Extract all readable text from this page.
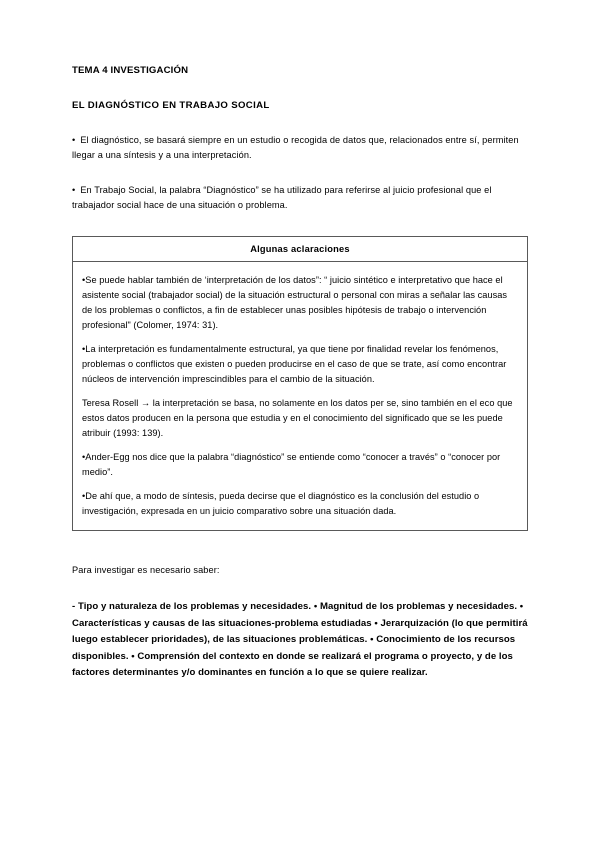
TEMA 4 INVESTIGACIÓN
EL DIAGNÓSTICO EN TRABAJO SOCIAL

• El diagnóstico, se basará siempre en un estudio o recogida de datos que, relacionados entre sí, permiten llegar a una síntesis y a una interpretación.

• En Trabajo Social, la palabra “Diagnóstico” se ha utilizado para referirse al juicio profesional que el trabajador social hace de una situación o problema.

Algunas aclaraciones

•Se puede hablar también de ‘interpretación de los datos”: “ juicio sintético e interpretativo que hace el asistente social (trabajador social) de la situación estructural o personal con miras a señalar las causas de los problemas o conflictos, a fin de establecer unas posibles hipótesis de trabajo o intervención profesional" (Colomer, 1974: 31).

•La interpretación es fundamentalmente estructural, ya que tiene por finalidad revelar los fenómenos, problemas o conflictos que existen o pueden producirse en el caso de que se trate, así como encontrar núcleos de intervención imprescindibles para el cambio de la situación.

Teresa Rosell → la interpretación se basa, no solamente en los datos per se, sino también en el eco que estos datos producen en la persona que estudia y en el conocimiento del significado que se les puede atribuir (1993: 139).

•Ander-Egg nos dice que la palabra “diagnóstico” se entiende como “conocer a través” o “conocer por medio”.

•De ahí que, a modo de síntesis, pueda decirse que el diagnóstico es la conclusión del estudio o investigación, expresada en un juicio comparativo sobre una situación dada.

Para investigar es necesario saber:

- Tipo y naturaleza de los problemas y necesidades. • Magnitud de los problemas y necesidades. • Características y causas de las situaciones-problema estudiadas • Jerarquización (lo que permitirá luego establecer prioridades), de las situaciones problemáticas. • Conocimiento de los recursos disponibles. • Comprensión del contexto en donde se realizará el programa o proyecto, y de los factores determinantes y/o dominantes en función a lo que se quiere realizar.
